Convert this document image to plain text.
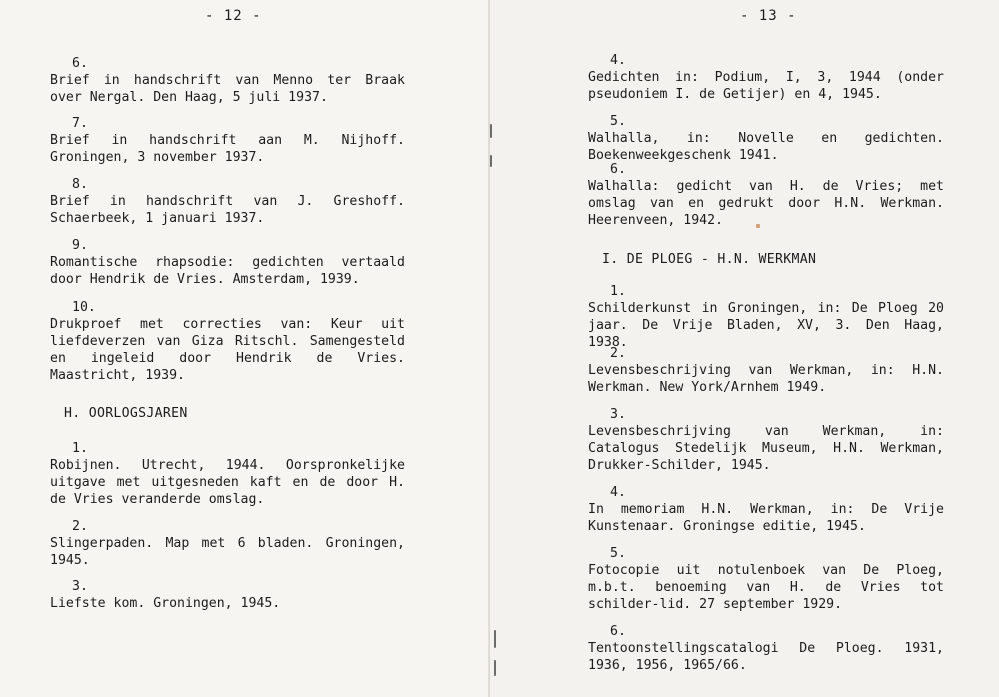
- 12 -
6.

Brief in handschrift van Menno ter Braak over Nergal. Den Haag, 5 juli 1937.

7.

Brief in handschrift aan M. Nijhoff. Groningen, 3 november 1937.

8.

Brief in handschrift van J. Greshoff. Schaerbeek, 1 januari 1937.

9.

Romantische rhapsodie: gedichten vertaald door Hendrik de Vries. Amsterdam, 1939.

10.

Drukproef met correcties van: Keur uit liefdeverzen van Giza Ritschl. Samengesteld en ingeleid door Hendrik de Vries. Maastricht, 1939.

H. OORLOGSJAREN
1.

Robijnen. Utrecht, 1944. Oorspronkelijke uitgave met uitgesneden kaft en de door H. de Vries veranderde omslag.

2.

Slingerpaden. Map met 6 bladen. Groningen, 1945.

3.

Liefste kom. Groningen, 1945.

- 13 -
4.

Gedichten in: Podium, I, 3, 1944 (onder pseudoniem I. de Getijer) en 4, 1945.

5.

Walhalla, in: Novelle en gedichten. Boekenweekgeschenk 1941.

6.

Walhalla: gedicht van H. de Vries; met omslag van en gedrukt door H.N. Werkman. Heerenveen, 1942.

I. DE PLOEG - H.N. WERKMAN
1.

Schilderkunst in Groningen, in: De Ploeg 20 jaar. De Vrije Bladen, XV, 3. Den Haag, 1938.

2.

Levensbeschrijving van Werkman, in: H.N. Werkman. New York/Arnhem 1949.

3.

Levensbeschrijving van Werkman, in: Catalogus Stedelijk Museum, H.N. Werkman, Drukker-Schilder, 1945.

4.

In memoriam H.N. Werkman, in: De Vrije Kunstenaar. Groningse editie, 1945.

5.

Fotocopie uit notulenboek van De Ploeg, m.b.t. benoeming van H. de Vries tot schilder-lid. 27 september 1929.

6.

Tentoonstellingscatalogi De Ploeg. 1931, 1936, 1956, 1965/66.
